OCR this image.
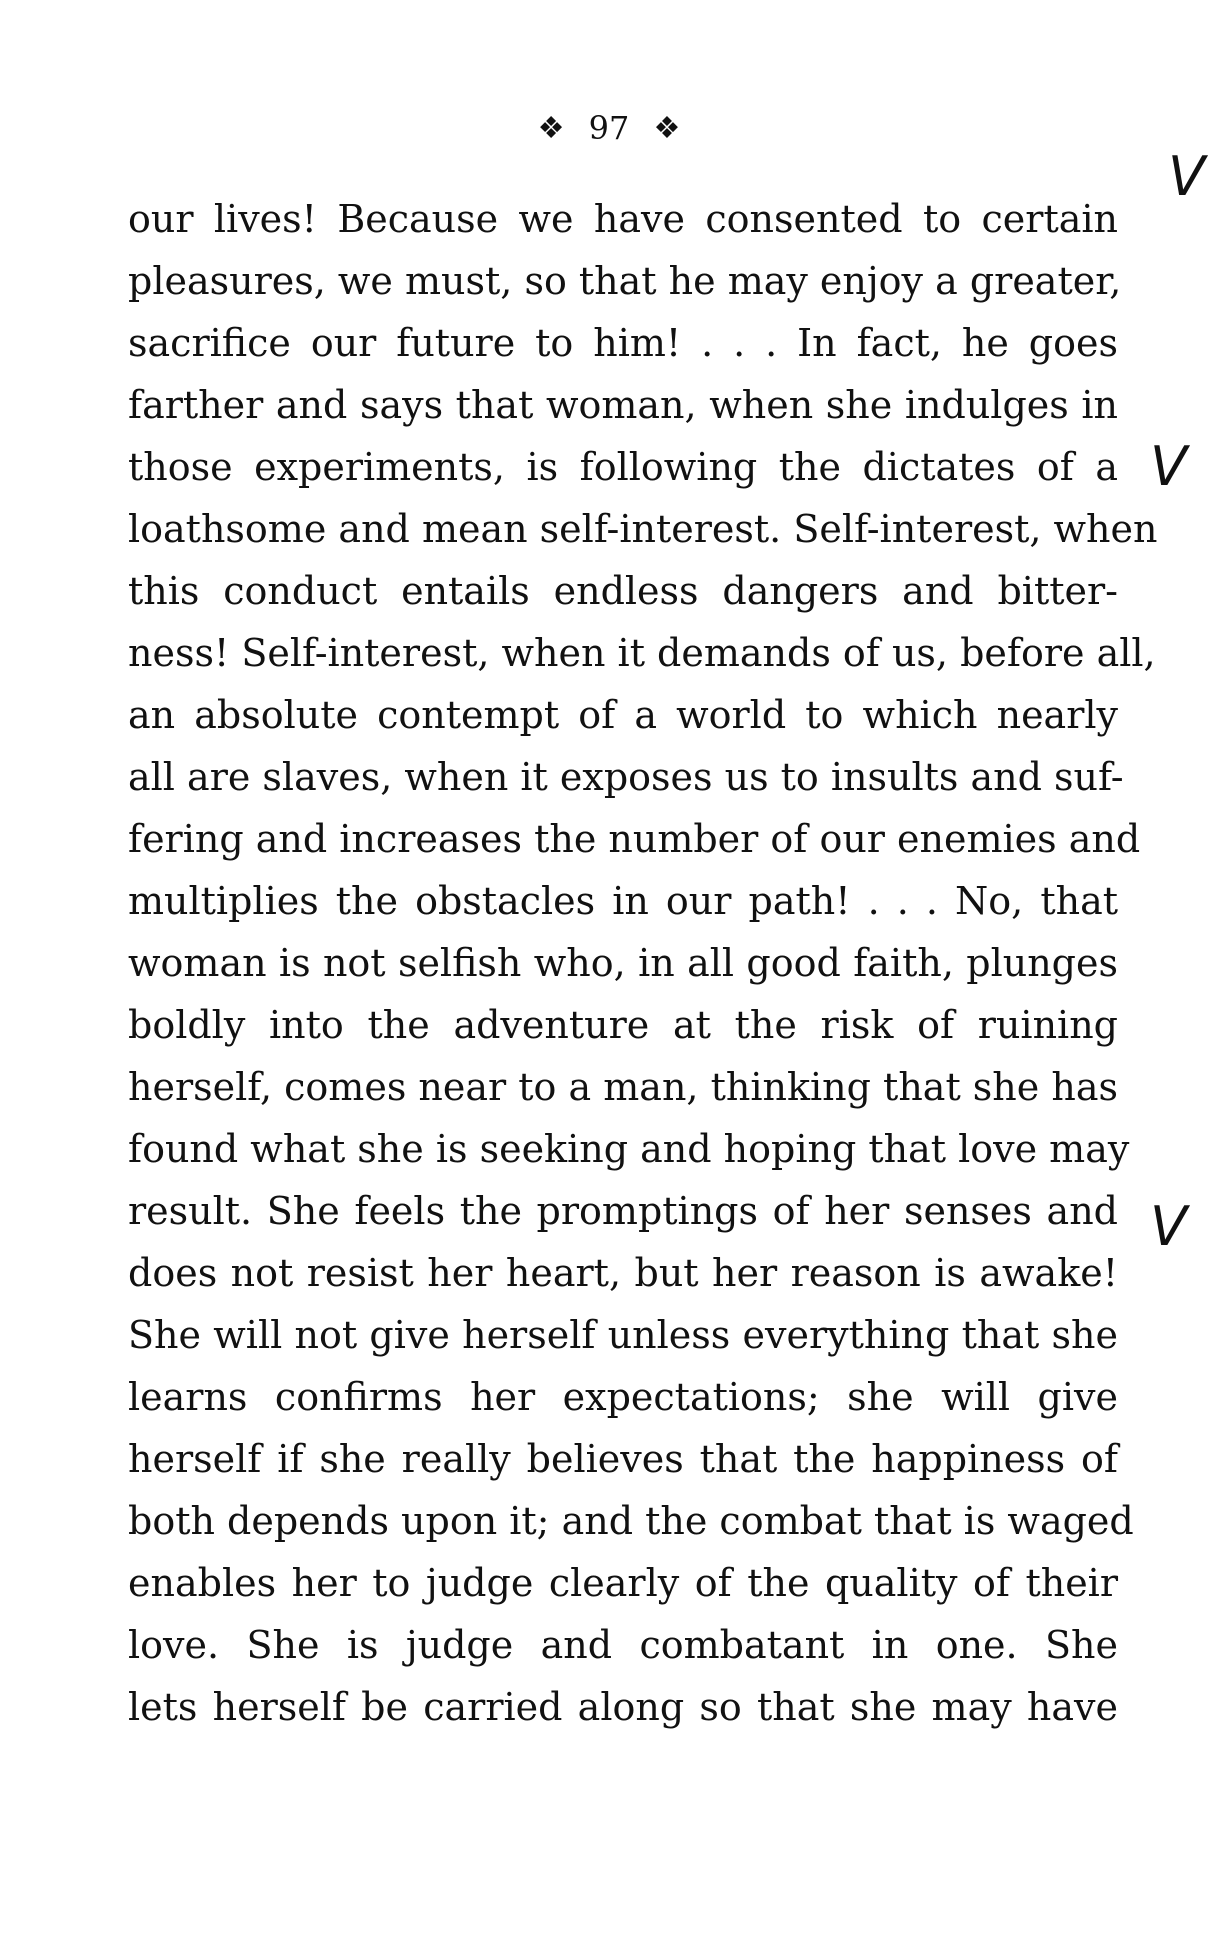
❖ 97 ❖
our lives! Because we have consented to certain
pleasures, we must, so that he may enjoy a greater,
sacrifice our future to him! . . . In fact, he goes
farther and says that woman, when she indulges in
those experiments, is following the dictates of a
loathsome and mean self-interest. Self-interest, when
this conduct entails endless dangers and bitter-
ness! Self-interest, when it demands of us, before all,
an absolute contempt of a world to which nearly
all are slaves, when it exposes us to insults and suf-
fering and increases the number of our enemies and
multiplies the obstacles in our path! . . . No, that
woman is not selfish who, in all good faith, plunges
boldly into the adventure at the risk of ruining
herself, comes near to a man, thinking that she has
found what she is seeking and hoping that love may
result. She feels the promptings of her senses and
does not resist her heart, but her reason is awake!
She will not give herself unless everything that she
learns confirms her expectations; she will give
herself if she really believes that the happiness of
both depends upon it; and the combat that is waged
enables her to judge clearly of the quality of their
love. She is judge and combatant in one. She
lets herself be carried along so that she may have
V
V
V
